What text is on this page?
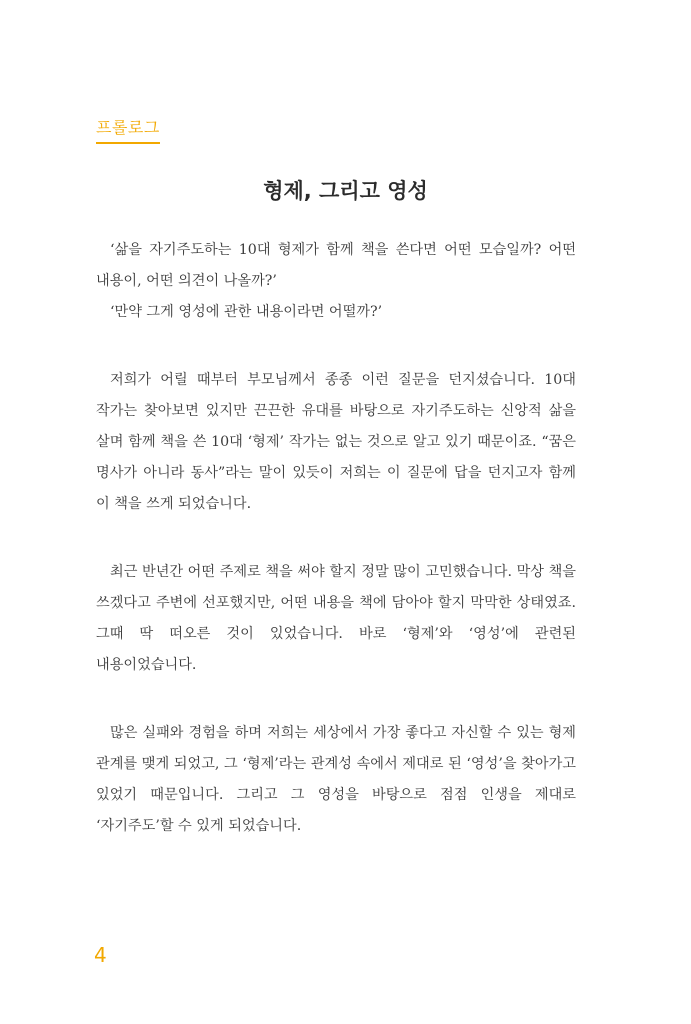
프롤로그
형제, 그리고 영성

‘삶을 자기주도하는 10대 형제가 함께 책을 쓴다면 어떤 모습일까? 어떤 내용이, 어떤 의견이 나올까?’

‘만약 그게 영성에 관한 내용이라면 어떨까?’

저희가 어릴 때부터 부모님께서 종종 이런 질문을 던지셨습니다. 10대 작가는 찾아보면 있지만 끈끈한 유대를 바탕으로 자기주도하는 신앙적 삶을 살며 함께 책을 쓴 10대 ‘형제’ 작가는 없는 것으로 알고 있기 때문이죠. “꿈은 명사가 아니라 동사”라는 말이 있듯이 저희는 이 질문에 답을 던지고자 함께 이 책을 쓰게 되었습니다.

최근 반년간 어떤 주제로 책을 써야 할지 정말 많이 고민했습니다. 막상 책을 쓰겠다고 주변에 선포했지만, 어떤 내용을 책에 담아야 할지 막막한 상태였죠. 그때 딱 떠오른 것이 있었습니다. 바로 ‘형제’와 ‘영성’에 관련된 내용이었습니다.

많은 실패와 경험을 하며 저희는 세상에서 가장 좋다고 자신할 수 있는 형제 관계를 맺게 되었고, 그 ‘형제’라는 관계성 속에서 제대로 된 ‘영성’을 찾아가고 있었기 때문입니다. 그리고 그 영성을 바탕으로 점점 인생을 제대로 ‘자기주도’할 수 있게 되었습니다.

4
